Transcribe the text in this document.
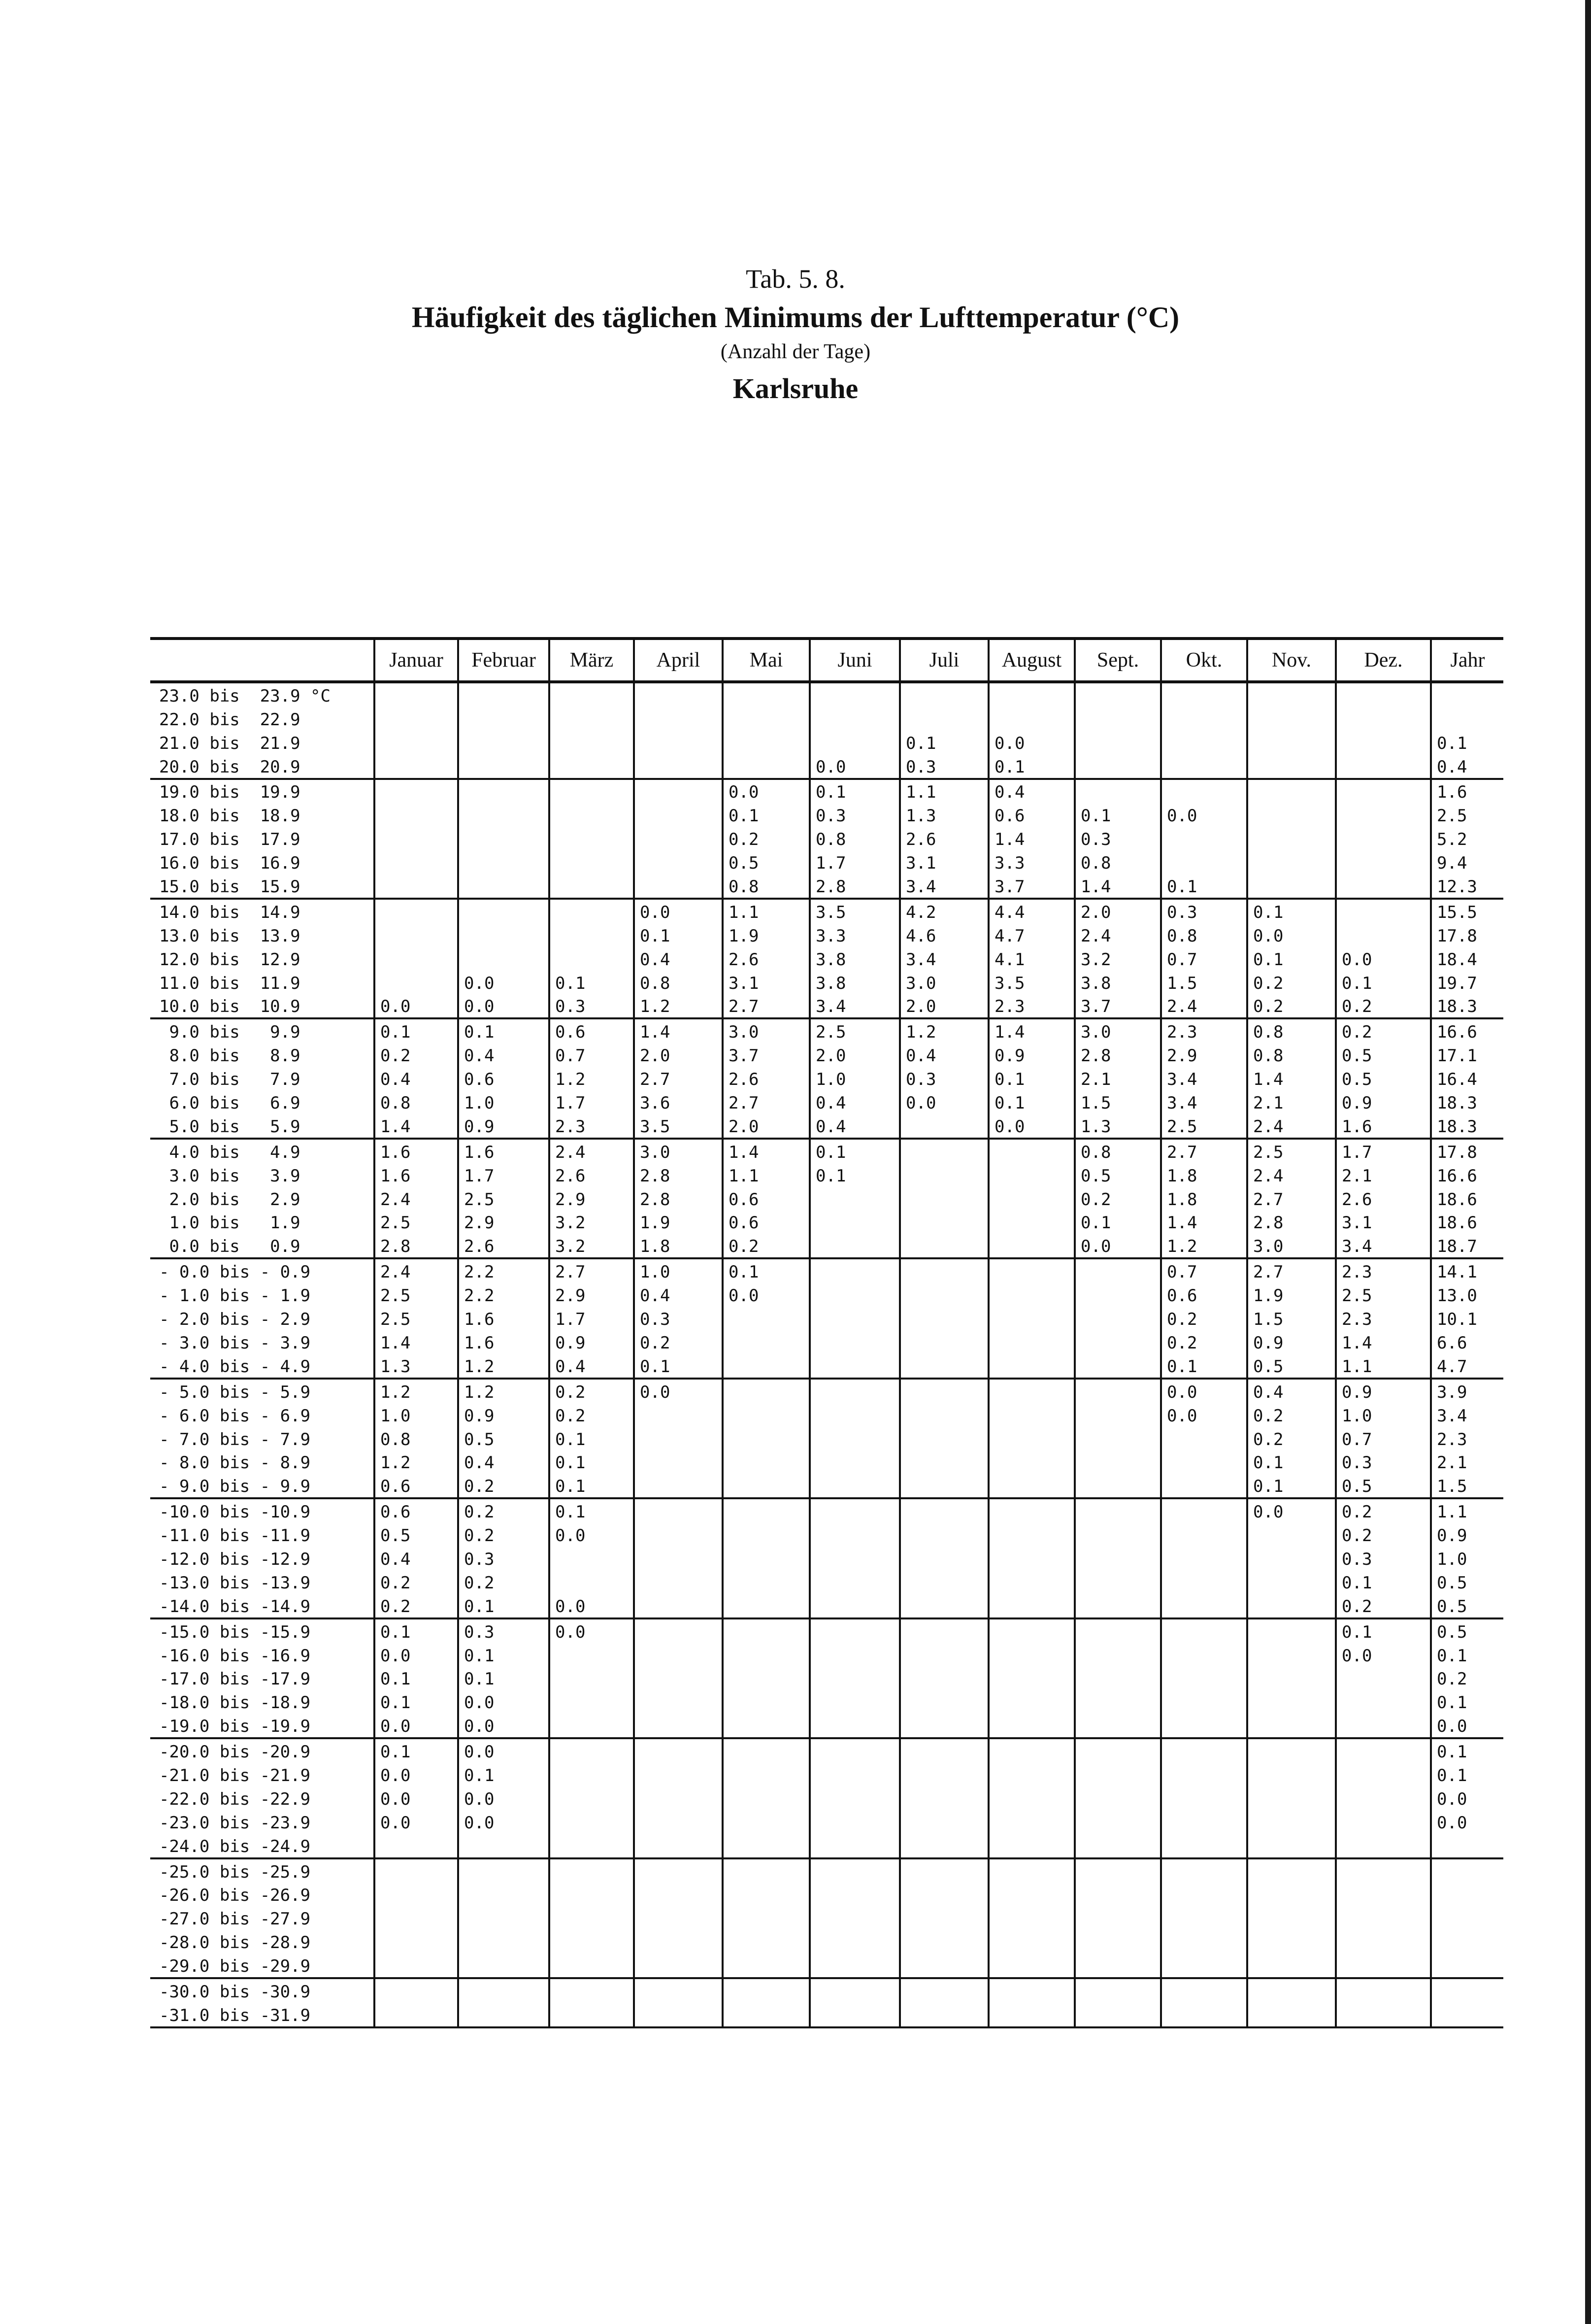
Tab. 5. 8.
Häufigkeit des täglichen Minimums der Lufttemperatur (°C)
(Anzahl der Tage)
Karlsruhe
	Januar	Februar	März	April	Mai	Juni	Juli	August	Sept.	Okt.	Nov.	Dez.	Jahr
23.0 bis  23.9 °C													
22.0 bis  22.9													
21.0 bis  21.9							0.1	0.0					0.1
20.0 bis  20.9						0.0	0.3	0.1					0.4
19.0 bis  19.9					0.0	0.1	1.1	0.4					1.6
18.0 bis  18.9					0.1	0.3	1.3	0.6	0.1	0.0			2.5
17.0 bis  17.9					0.2	0.8	2.6	1.4	0.3				5.2
16.0 bis  16.9					0.5	1.7	3.1	3.3	0.8				9.4
15.0 bis  15.9					0.8	2.8	3.4	3.7	1.4	0.1			12.3
14.0 bis  14.9				0.0	1.1	3.5	4.2	4.4	2.0	0.3	0.1		15.5
13.0 bis  13.9				0.1	1.9	3.3	4.6	4.7	2.4	0.8	0.0		17.8
12.0 bis  12.9				0.4	2.6	3.8	3.4	4.1	3.2	0.7	0.1	0.0	18.4
11.0 bis  11.9		0.0	0.1	0.8	3.1	3.8	3.0	3.5	3.8	1.5	0.2	0.1	19.7
10.0 bis  10.9	0.0	0.0	0.3	1.2	2.7	3.4	2.0	2.3	3.7	2.4	0.2	0.2	18.3
9.0 bis   9.9	0.1	0.1	0.6	1.4	3.0	2.5	1.2	1.4	3.0	2.3	0.8	0.2	16.6
8.0 bis   8.9	0.2	0.4	0.7	2.0	3.7	2.0	0.4	0.9	2.8	2.9	0.8	0.5	17.1
7.0 bis   7.9	0.4	0.6	1.2	2.7	2.6	1.0	0.3	0.1	2.1	3.4	1.4	0.5	16.4
6.0 bis   6.9	0.8	1.0	1.7	3.6	2.7	0.4	0.0	0.1	1.5	3.4	2.1	0.9	18.3
5.0 bis   5.9	1.4	0.9	2.3	3.5	2.0	0.4		0.0	1.3	2.5	2.4	1.6	18.3
4.0 bis   4.9	1.6	1.6	2.4	3.0	1.4	0.1			0.8	2.7	2.5	1.7	17.8
3.0 bis   3.9	1.6	1.7	2.6	2.8	1.1	0.1			0.5	1.8	2.4	2.1	16.6
2.0 bis   2.9	2.4	2.5	2.9	2.8	0.6				0.2	1.8	2.7	2.6	18.6
1.0 bis   1.9	2.5	2.9	3.2	1.9	0.6				0.1	1.4	2.8	3.1	18.6
0.0 bis   0.9	2.8	2.6	3.2	1.8	0.2				0.0	1.2	3.0	3.4	18.7
- 0.0 bis - 0.9	2.4	2.2	2.7	1.0	0.1					0.7	2.7	2.3	14.1
- 1.0 bis - 1.9	2.5	2.2	2.9	0.4	0.0					0.6	1.9	2.5	13.0
- 2.0 bis - 2.9	2.5	1.6	1.7	0.3						0.2	1.5	2.3	10.1
- 3.0 bis - 3.9	1.4	1.6	0.9	0.2						0.2	0.9	1.4	6.6
- 4.0 bis - 4.9	1.3	1.2	0.4	0.1						0.1	0.5	1.1	4.7
- 5.0 bis - 5.9	1.2	1.2	0.2	0.0						0.0	0.4	0.9	3.9
- 6.0 bis - 6.9	1.0	0.9	0.2							0.0	0.2	1.0	3.4
- 7.0 bis - 7.9	0.8	0.5	0.1								0.2	0.7	2.3
- 8.0 bis - 8.9	1.2	0.4	0.1								0.1	0.3	2.1
- 9.0 bis - 9.9	0.6	0.2	0.1								0.1	0.5	1.5
-10.0 bis -10.9	0.6	0.2	0.1								0.0	0.2	1.1
-11.0 bis -11.9	0.5	0.2	0.0									0.2	0.9
-12.0 bis -12.9	0.4	0.3										0.3	1.0
-13.0 bis -13.9	0.2	0.2										0.1	0.5
-14.0 bis -14.9	0.2	0.1	0.0									0.2	0.5
-15.0 bis -15.9	0.1	0.3	0.0									0.1	0.5
-16.0 bis -16.9	0.0	0.1										0.0	0.1
-17.0 bis -17.9	0.1	0.1											0.2
-18.0 bis -18.9	0.1	0.0											0.1
-19.0 bis -19.9	0.0	0.0											0.0
-20.0 bis -20.9	0.1	0.0											0.1
-21.0 bis -21.9	0.0	0.1											0.1
-22.0 bis -22.9	0.0	0.0											0.0
-23.0 bis -23.9	0.0	0.0											0.0
-24.0 bis -24.9													
-25.0 bis -25.9													
-26.0 bis -26.9													
-27.0 bis -27.9													
-28.0 bis -28.9													
-29.0 bis -29.9													
-30.0 bis -30.9													
-31.0 bis -31.9													
